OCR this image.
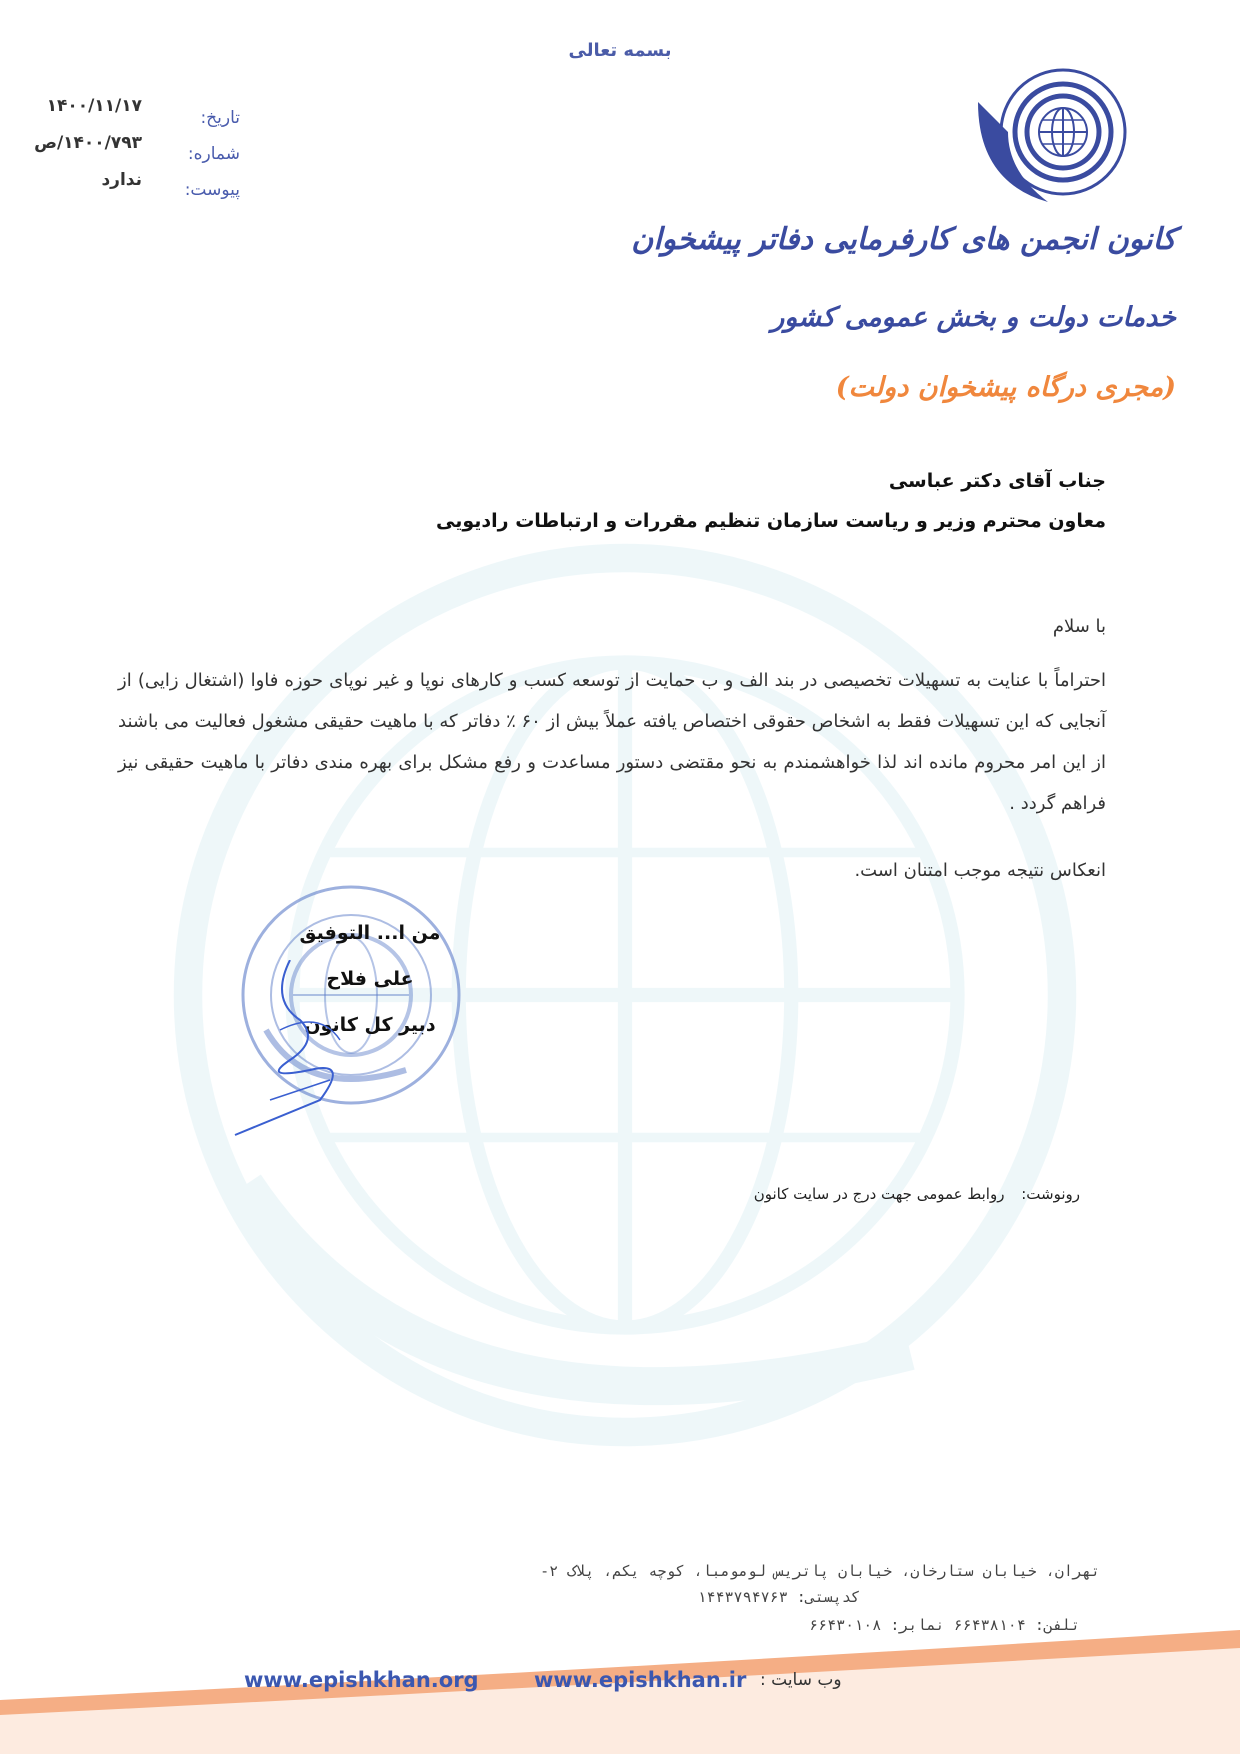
بسمه تعالی
کانون انجمن های کارفرمایی دفاتر پیشخوان
خدمات دولت و بخش عمومی کشور
(مجری درگاه پیشخوان دولت)
تاریخ:
شماره:
پیوست:
۱۴۰۰/۱۱/۱۷
۱۴۰۰/۷۹۳/ص
ندارد
جناب آقای دکتر عباسی
معاون محترم وزیر و ریاست سازمان تنظیم مقررات و ارتباطات رادیویی
با سلام
احتراماً با عنایت به تسهیلات تخصیصی در بند الف و ب حمایت از توسعه کسب و کارهای نوپا و غیر نوپای حوزه فاوا (اشتغال زایی) از آنجایی که این تسهیلات فقط به اشخاص حقوقی اختصاص یافته عملاً بیش از ۶۰ ٪ دفاتر که با ماهیت حقیقی مشغول فعالیت می باشند از این امر محروم مانده اند لذا خواهشمندم به نحو مقتضی دستور مساعدت و رفع مشکل برای بهره مندی دفاتر با ماهیت حقیقی نیز فراهم گردد .
انعکاس نتیجه موجب امتنان است.
من ا... التوفیق
علی فلاح
دبیر کل کانون
رونوشت: روابط عمومی جهت درج در سایت کانون
تهران، خیابان ستارخان، خیابان پاتریس لومومبا، کوچه یکم، پلاک ۲-
کدپستی: ۱۴۴۳۷۹۴۷۶۳
تلفن: ۶۶۴۳۸۱۰۴ نمابر: ۶۶۴۳۰۱۰۸
وب سایت :
www.epishkhan.ir
www.epishkhan.org
